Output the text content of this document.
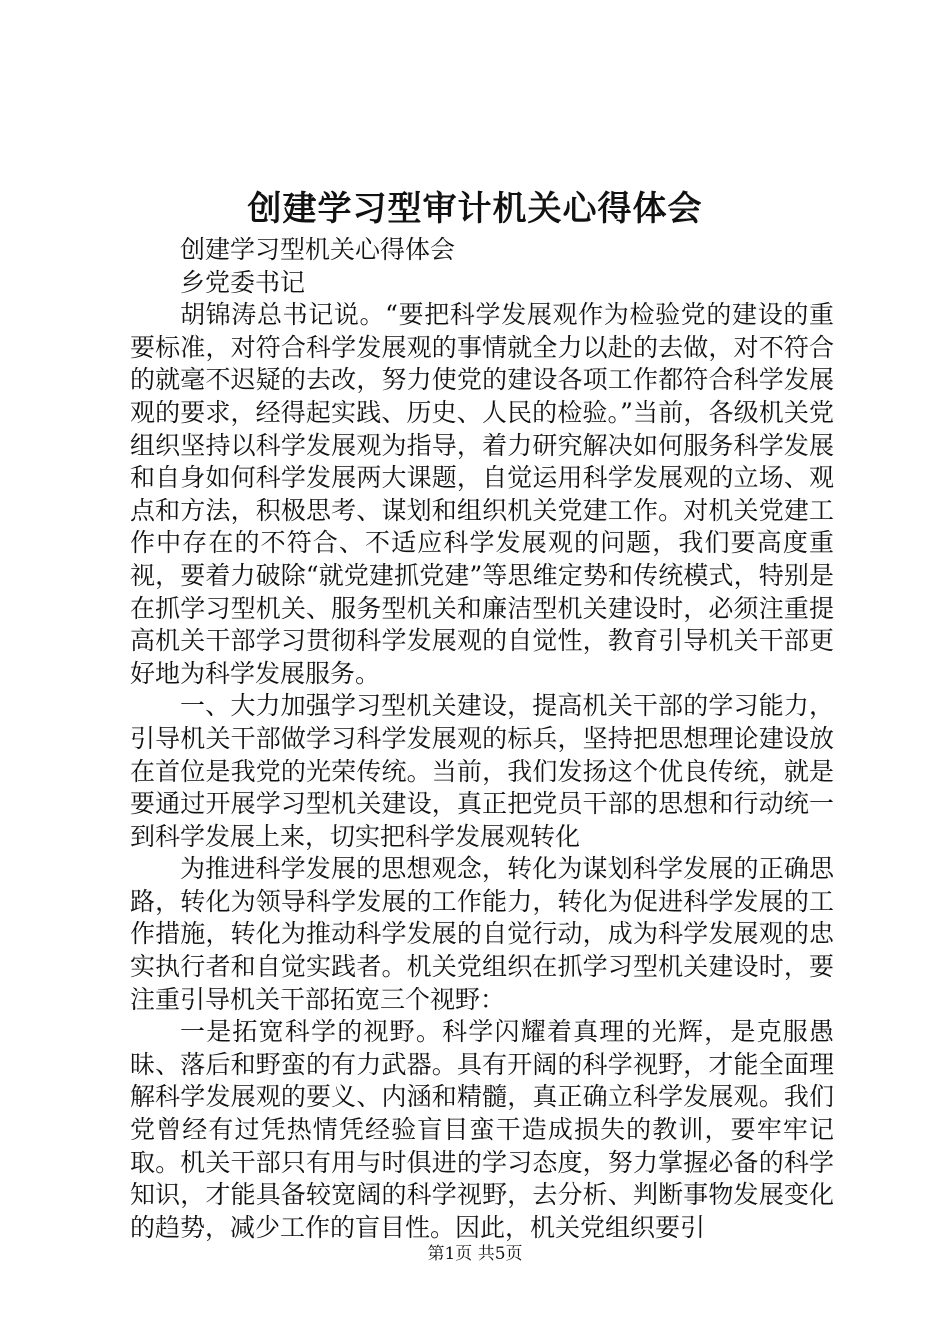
创建学习型审计机关心得体会

创建学习型机关心得体会

乡党委书记

胡锦涛总书记说。“要把科学发展观作为检验党的建设的重要标准，对符合科学发展观的事情就全力以赴的去做，对不符合的就毫不迟疑的去改，努力使党的建设各项工作都符合科学发展观的要求，经得起实践、历史、人民的检验。”当前，各级机关党组织坚持以科学发展观为指导，着力研究解决如何服务科学发展和自身如何科学发展两大课题，自觉运用科学发展观的立场、观点和方法，积极思考、谋划和组织机关党建工作。对机关党建工作中存在的不符合、不适应科学发展观的问题，我们要高度重视，要着力破除“就党建抓党建”等思维定势和传统模式，特别是在抓学习型机关、服务型机关和廉洁型机关建设时，必须注重提高机关干部学习贯彻科学发展观的自觉性，教育引导机关干部更好地为科学发展服务。

一、大力加强学习型机关建设，提高机关干部的学习能力，引导机关干部做学习科学发展观的标兵，坚持把思想理论建设放在首位是我党的光荣传统。当前，我们发扬这个优良传统，就是要通过开展学习型机关建设，真正把党员干部的思想和行动统一到科学发展上来，切实把科学发展观转化

为推进科学发展的思想观念，转化为谋划科学发展的正确思路，转化为领导科学发展的工作能力，转化为促进科学发展的工作措施，转化为推动科学发展的自觉行动，成为科学发展观的忠实执行者和自觉实践者。机关党组织在抓学习型机关建设时，要注重引导机关干部拓宽三个视野：

一是拓宽科学的视野。科学闪耀着真理的光辉，是克服愚昧、落后和野蛮的有力武器。具有开阔的科学视野，才能全面理解科学发展观的要义、内涵和精髓，真正确立科学发展观。我们党曾经有过凭热情凭经验盲目蛮干造成损失的教训，要牢牢记取。机关干部只有用与时俱进的学习态度，努力掌握必备的科学知识，才能具备较宽阔的科学视野，去分析、判断事物发展变化的趋势，减少工作的盲目性。因此，机关党组织要引

第1页 共5页
